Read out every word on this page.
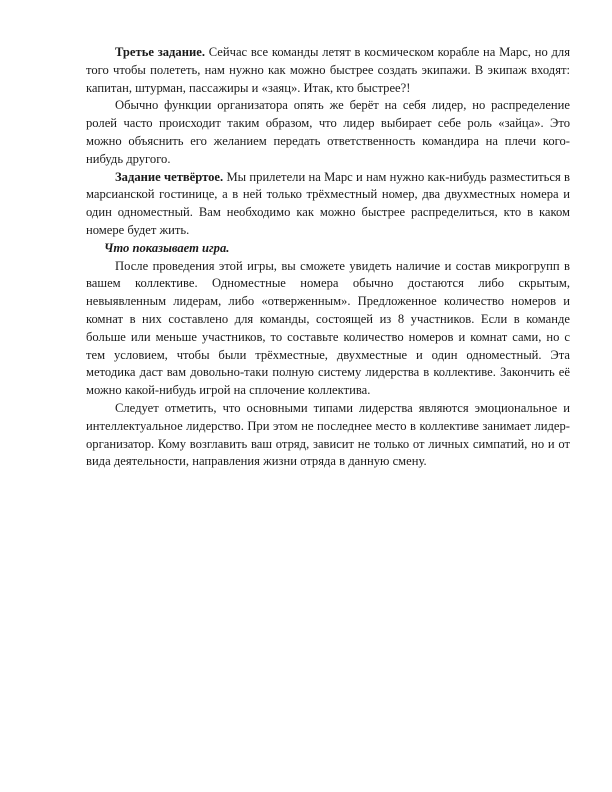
Третье задание. Сейчас все команды летят в космическом корабле на Марс, но для того чтобы полететь, нам нужно как можно быстрее создать экипажи. В экипаж входят: капитан, штурман, пассажиры и «заяц». Итак, кто быстрее?!

Обычно функции организатора опять же берёт на себя лидер, но распределение ролей часто происходит таким образом, что лидер выбирает себе роль «зайца». Это можно объяснить его желанием передать ответственность командира на плечи кого-нибудь другого.

Задание четвёртое. Мы прилетели на Марс и нам нужно как-нибудь разместиться в марсианской гостинице, а в ней только трёхместный номер, два двухместных номера и один одноместный. Вам необходимо как можно быстрее распределиться, кто в каком номере будет жить.

Что показывает игра.

После проведения этой игры, вы сможете увидеть наличие и состав микрогрупп в вашем коллективе. Одноместные номера обычно достаются либо скрытым, невыявленным лидерам, либо «отверженным». Предложенное количество номеров и комнат в них составлено для команды, состоящей из 8 участников. Если в команде больше или меньше участников, то составьте количество номеров и комнат сами, но с тем условием, чтобы были трёхместные, двухместные и один одноместный. Эта методика даст вам довольно-таки полную систему лидерства в коллективе. Закончить её можно какой-нибудь игрой на сплочение коллектива.

Следует отметить, что основными типами лидерства являются эмоциональное и интеллектуальное лидерство. При этом не последнее место в коллективе занимает лидер-организатор. Кому возглавить ваш отряд, зависит не только от личных симпатий, но и от вида деятельности, направления жизни отряда в данную смену.
